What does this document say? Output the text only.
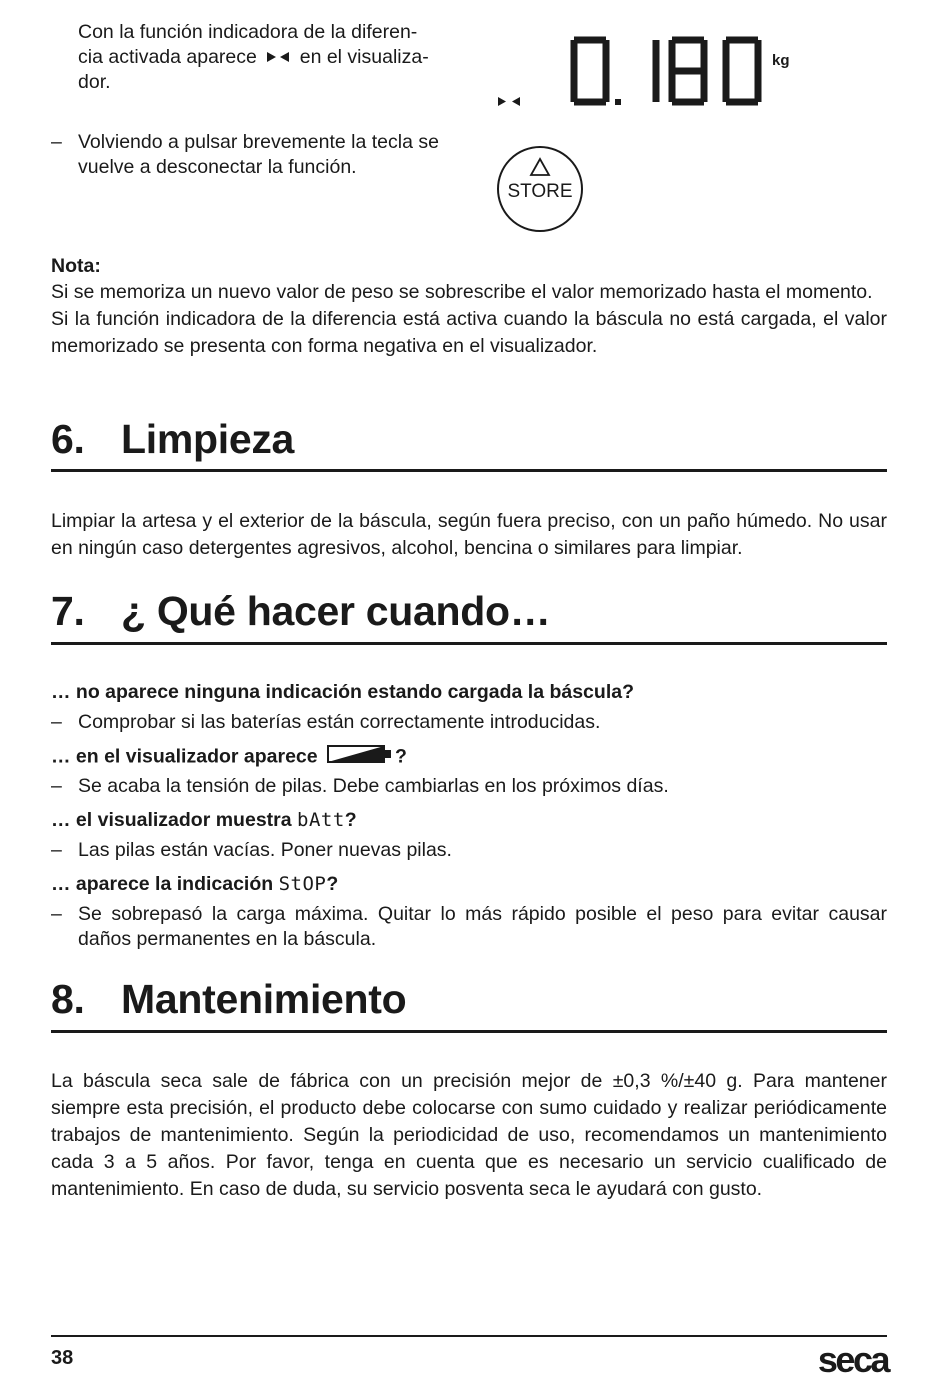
Con la función indicadora de la diferen-
cia activada aparece en el visualiza-
dor.
– Volviendo a pulsar brevemente la tecla se vuelve a desconectar la función.
kg
STORE
Nota:

Si se memoriza un nuevo valor de peso se sobrescribe el valor memorizado hasta el momento.

Si la función indicadora de la diferencia está activa cuando la báscula no está cargada, el valor memorizado se presenta con forma negativa en el visualizador.

6. Limpieza

Limpiar la artesa y el exterior de la báscula, según fuera preciso, con un paño húmedo. No usar en ningún caso detergentes agresivos, alcohol, bencina o similares para limpiar.

7. ¿ Qué hacer cuando…
… no aparece ninguna indicación estando cargada la báscula?
– Comprobar si las baterías están correctamente introducidas.
… en el visualizador aparece	?
– Se acaba la tensión de pilas. Debe cambiarlas en los próximos días.
… el visualizador muestra bAtt?
– Las pilas están vacías. Poner nuevas pilas.
… aparece la indicación StOP?
– Se sobrepasó la carga máxima. Quitar lo más rápido posible el peso para evitar causar daños permanentes en la báscula.
8. Mantenimiento

La báscula seca sale de fábrica con un precisión mejor de ±0,3 %/±40 g. Para mantener siempre esta precisión, el producto debe colocarse con sumo cuidado y realizar periódicamente trabajos de mantenimiento. Según la periodicidad de uso, recomendamos un mantenimiento cada 3 a 5 años. Por favor, tenga en cuenta que es necesario un servicio cualificado de mantenimiento. En caso de duda, su servicio posventa seca le ayudará con gusto.

38	seca
